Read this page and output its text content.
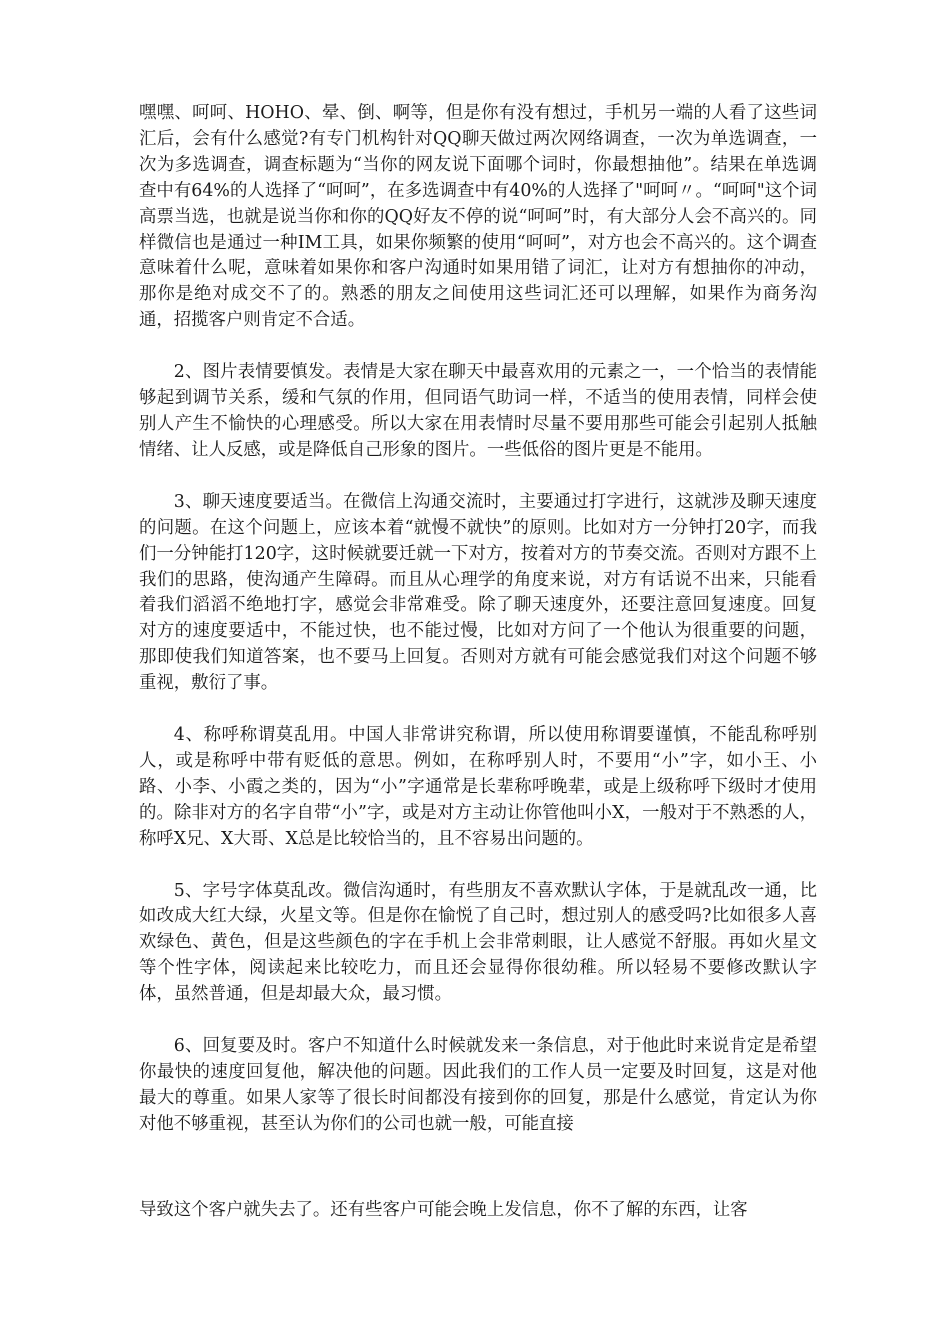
嘿嘿、呵呵、HOHO、晕、倒、啊等，但是你有没有想过，手机另一端的人看了这些词汇后，会有什么感觉?有专门机构针对QQ聊天做过两次网络调查，一次为单选调查，一次为多选调查，调查标题为“当你的网友说下面哪个词时，你最想抽他”。结果在单选调查中有64%的人选择了“呵呵”，在多选调查中有40%的人选择了"呵呵〃。“呵呵"这个词高票当选，也就是说当你和你的QQ好友不停的说“呵呵”时，有大部分人会不高兴的。同样微信也是通过一种IM工具，如果你频繁的使用“呵呵”，对方也会不高兴的。这个调查意味着什么呢，意味着如果你和客户沟通时如果用错了词汇，让对方有想抽你的冲动，那你是绝对成交不了的。熟悉的朋友之间使用这些词汇还可以理解，如果作为商务沟通，招揽客户则肯定不合适。

2、图片表情要慎发。表情是大家在聊天中最喜欢用的元素之一，一个恰当的表情能够起到调节关系，缓和气氛的作用，但同语气助词一样，不适当的使用表情，同样会使别人产生不愉快的心理感受。所以大家在用表情时尽量不要用那些可能会引起别人抵触情绪、让人反感，或是降低自己形象的图片。一些低俗的图片更是不能用。

3、聊天速度要适当。在微信上沟通交流时，主要通过打字进行，这就涉及聊天速度的问题。在这个问题上，应该本着“就慢不就快”的原则。比如对方一分钟打20字，而我们一分钟能打120字，这时候就要迁就一下对方，按着对方的节奏交流。否则对方跟不上我们的思路，使沟通产生障碍。而且从心理学的角度来说，对方有话说不出来，只能看着我们滔滔不绝地打字，感觉会非常难受。除了聊天速度外，还要注意回复速度。回复对方的速度要适中，不能过快，也不能过慢，比如对方问了一个他认为很重要的问题，那即使我们知道答案，也不要马上回复。否则对方就有可能会感觉我们对这个问题不够重视，敷衍了事。

4、称呼称谓莫乱用。中国人非常讲究称谓，所以使用称谓要谨慎，不能乱称呼别人，或是称呼中带有贬低的意思。例如，在称呼别人时，不要用“小”字，如小王、小路、小李、小霞之类的，因为“小”字通常是长辈称呼晚辈，或是上级称呼下级时才使用的。除非对方的名字自带“小”字，或是对方主动让你管他叫小X，一般对于不熟悉的人，称呼X兄、X大哥、X总是比较恰当的，且不容易出问题的。

5、字号字体莫乱改。微信沟通时，有些朋友不喜欢默认字体，于是就乱改一通，比如改成大红大绿，火星文等。但是你在愉悦了自己时，想过别人的感受吗?比如很多人喜欢绿色、黄色，但是这些颜色的字在手机上会非常刺眼，让人感觉不舒服。再如火星文等个性字体，阅读起来比较吃力，而且还会显得你很幼稚。所以轻易不要修改默认字体，虽然普通，但是却最大众，最习惯。

6、回复要及时。客户不知道什么时候就发来一条信息，对于他此时来说肯定是希望你最快的速度回复他，解决他的问题。因此我们的工作人员一定要及时回复，这是对他最大的尊重。如果人家等了很长时间都没有接到你的回复，那是什么感觉，肯定认为你对他不够重视，甚至认为你们的公司也就一般，可能直接

导致这个客户就失去了。还有些客户可能会晚上发信息，你不了解的东西，让客
